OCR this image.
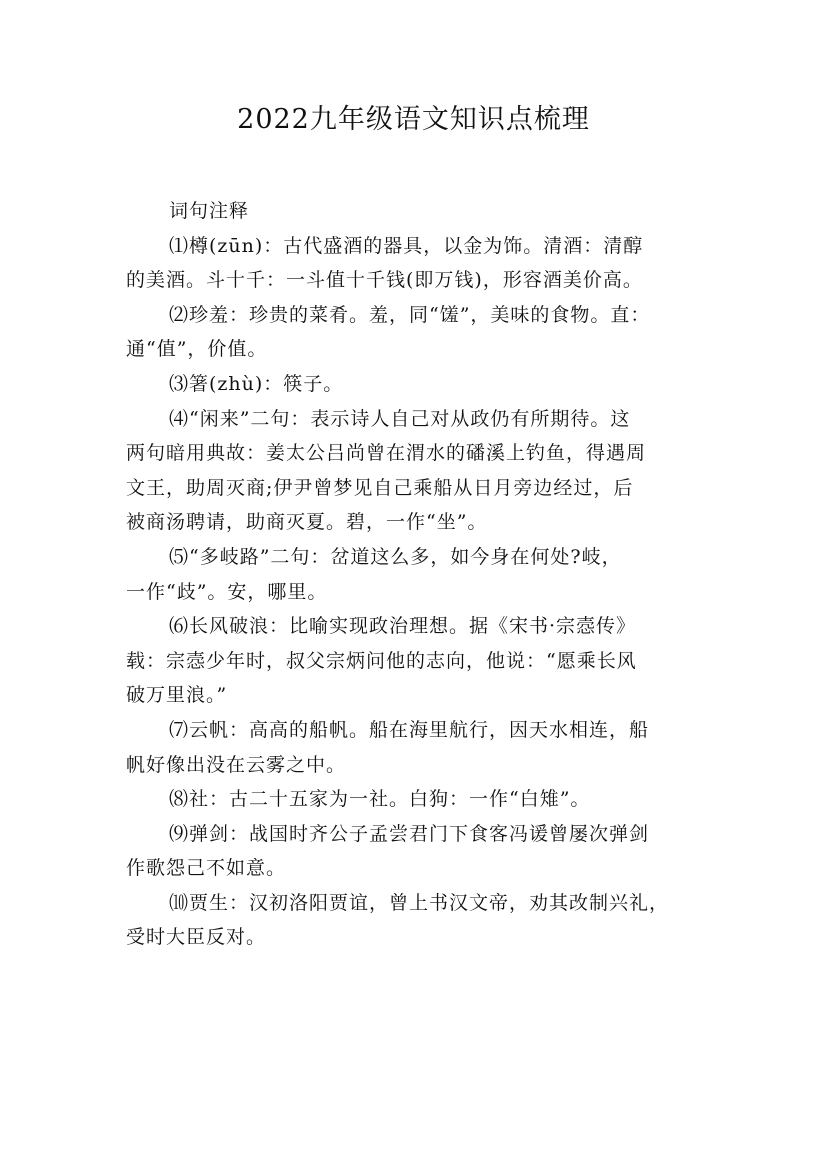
2022九年级语文知识点梳理
词句注释
⑴樽(zūn)：古代盛酒的器具，以金为饰。清酒：清醇
的美酒。斗十千：一斗值十千钱(即万钱)，形容酒美价高。
⑵珍羞：珍贵的菜肴。羞，同“馐”，美味的食物。直：
通“值”，价值。
⑶箸(zhù)：筷子。
⑷“闲来”二句：表示诗人自己对从政仍有所期待。这
两句暗用典故：姜太公吕尚曾在渭水的磻溪上钓鱼，得遇周
文王，助周灭商;伊尹曾梦见自己乘船从日月旁边经过，后
被商汤聘请，助商灭夏。碧，一作“坐”。
⑸“多岐路”二句：岔道这么多，如今身在何处?岐，
一作“歧”。安，哪里。
⑹长风破浪：比喻实现政治理想。据《宋书·宗悫传》
载：宗悫少年时，叔父宗炳问他的志向，他说：“愿乘长风
破万里浪。”
⑺云帆：高高的船帆。船在海里航行，因天水相连，船
帆好像出没在云雾之中。
⑻社：古二十五家为一社。白狗：一作“白雉”。
⑼弹剑：战国时齐公子孟尝君门下食客冯谖曾屡次弹剑
作歌怨己不如意。
⑽贾生：汉初洛阳贾谊，曾上书汉文帝，劝其改制兴礼，
受时大臣反对。
